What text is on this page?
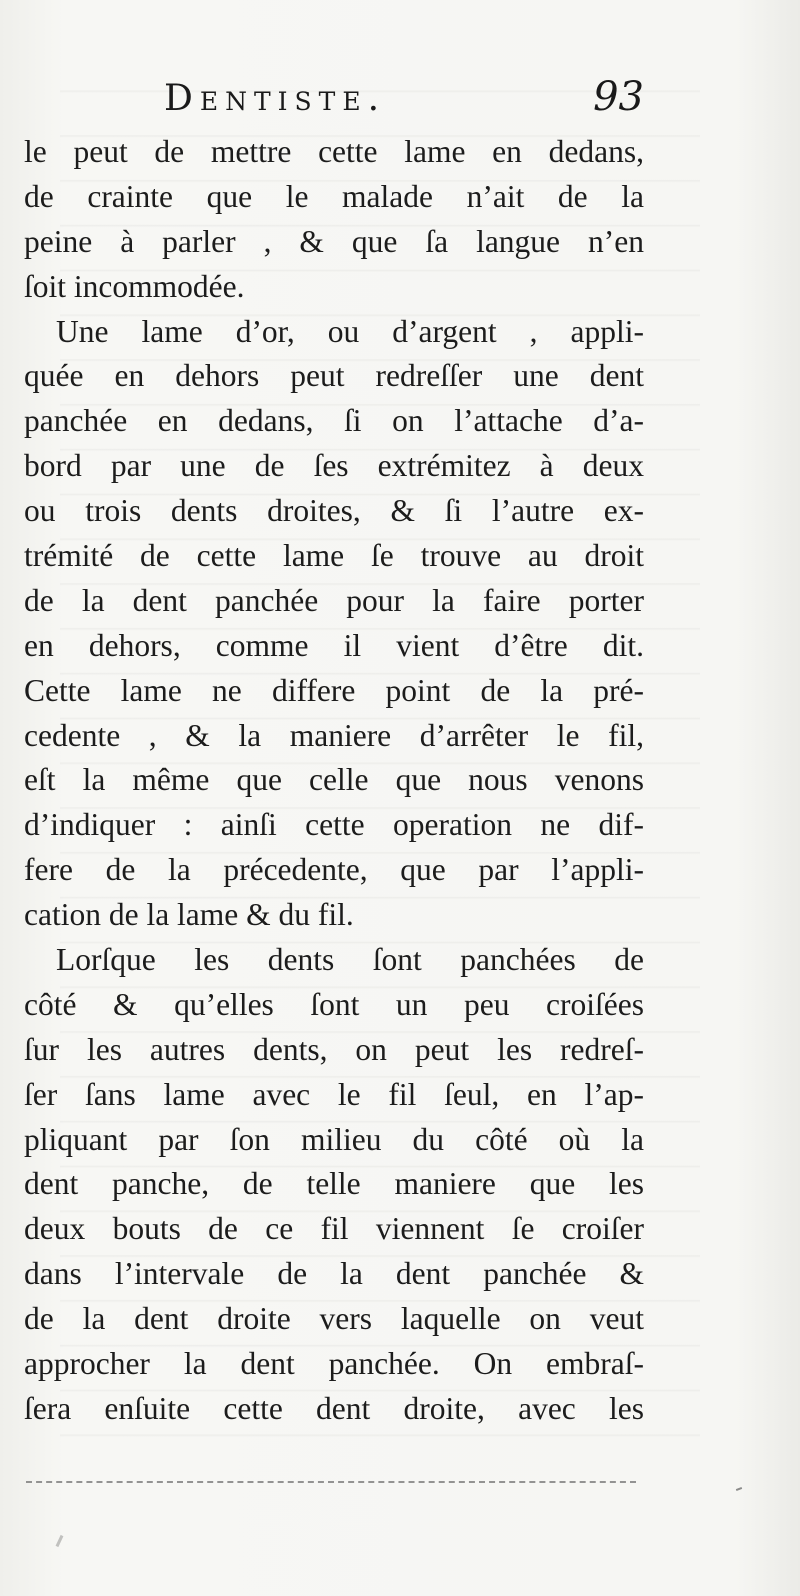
Dentiste.	93
le peut de mettre cette lame en dedans,
de crainte que le malade n’ait de la
peine à parler , & que ſa langue n’en
ſoit incommodée.
Une lame d’or, ou d’argent , appli-
quée en dehors peut redreſſer une dent
panchée en dedans, ſi on l’attache d’a-
bord par une de ſes extrémitez à deux
ou trois dents droites, & ſi l’autre ex-
trémité de cette lame ſe trouve au droit
de la dent panchée pour la faire porter
en dehors, comme il vient d’être dit.
Cette lame ne differe point de la pré-
cedente , & la maniere d’arrêter le fil,
eſt la même que celle que nous venons
d’indiquer : ainſi cette operation ne dif-
fere de la précedente, que par l’appli-
cation de la lame & du fil.
Lorſque les dents ſont panchées de
côté & qu’elles ſont un peu croiſées
ſur les autres dents, on peut les redreſ-
ſer ſans lame avec le fil ſeul, en l’ap-
pliquant par ſon milieu du côté où la
dent panche, de telle maniere que les
deux bouts de ce fil viennent ſe croiſer
dans l’intervale de la dent panchée &
de la dent droite vers laquelle on veut
approcher la dent panchée. On embraſ-
ſera enſuite cette dent droite, avec les
